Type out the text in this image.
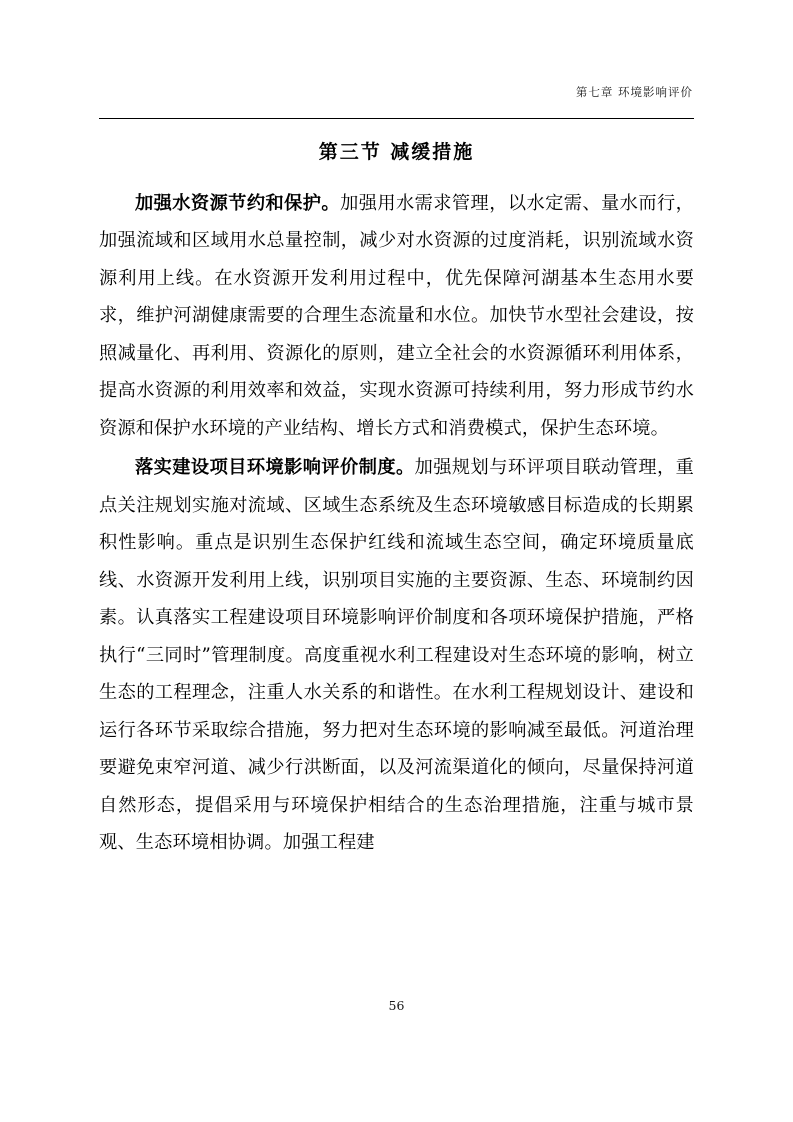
第七章 环境影响评价
第三节 减缓措施

加强水资源节约和保护。加强用水需求管理，以水定需、量水而行，加强流域和区域用水总量控制，减少对水资源的过度消耗，识别流域水资源利用上线。在水资源开发利用过程中，优先保障河湖基本生态用水要求，维护河湖健康需要的合理生态流量和水位。加快节水型社会建设，按照减量化、再利用、资源化的原则，建立全社会的水资源循环利用体系，提高水资源的利用效率和效益，实现水资源可持续利用，努力形成节约水资源和保护水环境的产业结构、增长方式和消费模式，保护生态环境。

落实建设项目环境影响评价制度。加强规划与环评项目联动管理，重点关注规划实施对流域、区域生态系统及生态环境敏感目标造成的长期累积性影响。重点是识别生态保护红线和流域生态空间，确定环境质量底线、水资源开发利用上线，识别项目实施的主要资源、生态、环境制约因素。认真落实工程建设项目环境影响评价制度和各项环境保护措施，严格执行“三同时”管理制度。高度重视水利工程建设对生态环境的影响，树立生态的工程理念，注重人水关系的和谐性。在水利工程规划设计、建设和运行各环节采取综合措施，努力把对生态环境的影响减至最低。河道治理要避免束窄河道、减少行洪断面，以及河流渠道化的倾向，尽量保持河道自然形态，提倡采用与环境保护相结合的生态治理措施，注重与城市景观、生态环境相协调。加强工程建

56
